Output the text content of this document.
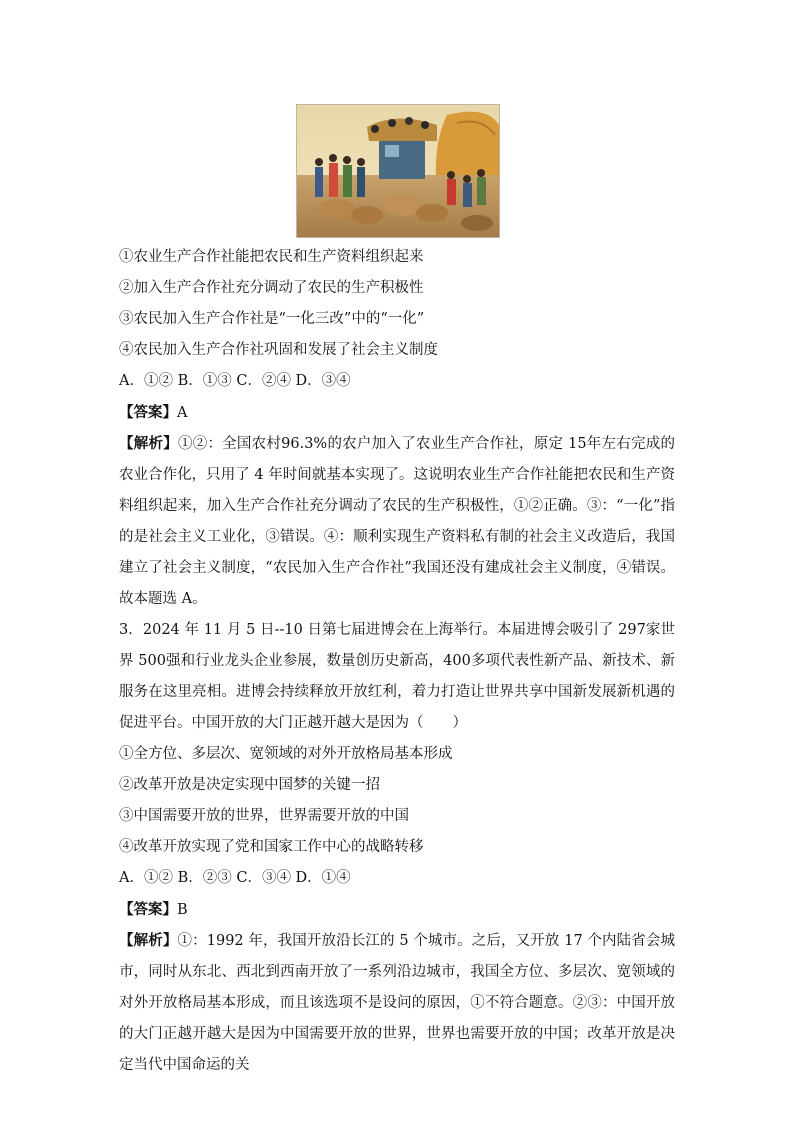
①农业生产合作社能把农民和生产资料组织起来
②加入生产合作社充分调动了农民的生产积极性
③农民加入生产合作社是“一化三改”中的“一化”
④农民加入生产合作社巩固和发展了社会主义制度
A．①② B．①③ C．②④ D．③④
【答案】A
【解析】①②：全国农村96.3%的农户加入了农业生产合作社，原定 15年左右完成的农业合作化，只用了 4 年时间就基本实现了。这说明农业生产合作社能把农民和生产资料组织起来，加入生产合作社充分调动了农民的生产积极性，①②正确。③：“一化”指的是社会主义工业化，③错误。④：顺利实现生产资料私有制的社会主义改造后，我国建立了社会主义制度，“农民加入生产合作社”我国还没有建成社会主义制度，④错误。故本题选 A。
3．2024 年 11 月 5 日--10 日第七届进博会在上海举行。本届进博会吸引了 297家世界 500强和行业龙头企业参展，数量创历史新高，400多项代表性新产品、新技术、新服务在这里亮相。进博会持续释放开放红利，着力打造让世界共享中国新发展新机遇的促进平台。中国开放的大门正越开越大是因为（　　）
①全方位、多层次、宽领域的对外开放格局基本形成
②改革开放是决定实现中国梦的关键一招
③中国需要开放的世界，世界需要开放的中国
④改革开放实现了党和国家工作中心的战略转移
A．①② B．②③ C．③④ D．①④
【答案】B
【解析】①：1992 年，我国开放沿长江的 5 个城市。之后，又开放 17 个内陆省会城市，同时从东北、西北到西南开放了一系列沿边城市，我国全方位、多层次、宽领域的对外开放格局基本形成，而且该选项不是设问的原因，①不符合题意。②③：中国开放的大门正越开越大是因为中国需要开放的世界，世界也需要开放的中国；改革开放是决定当代中国命运的关
